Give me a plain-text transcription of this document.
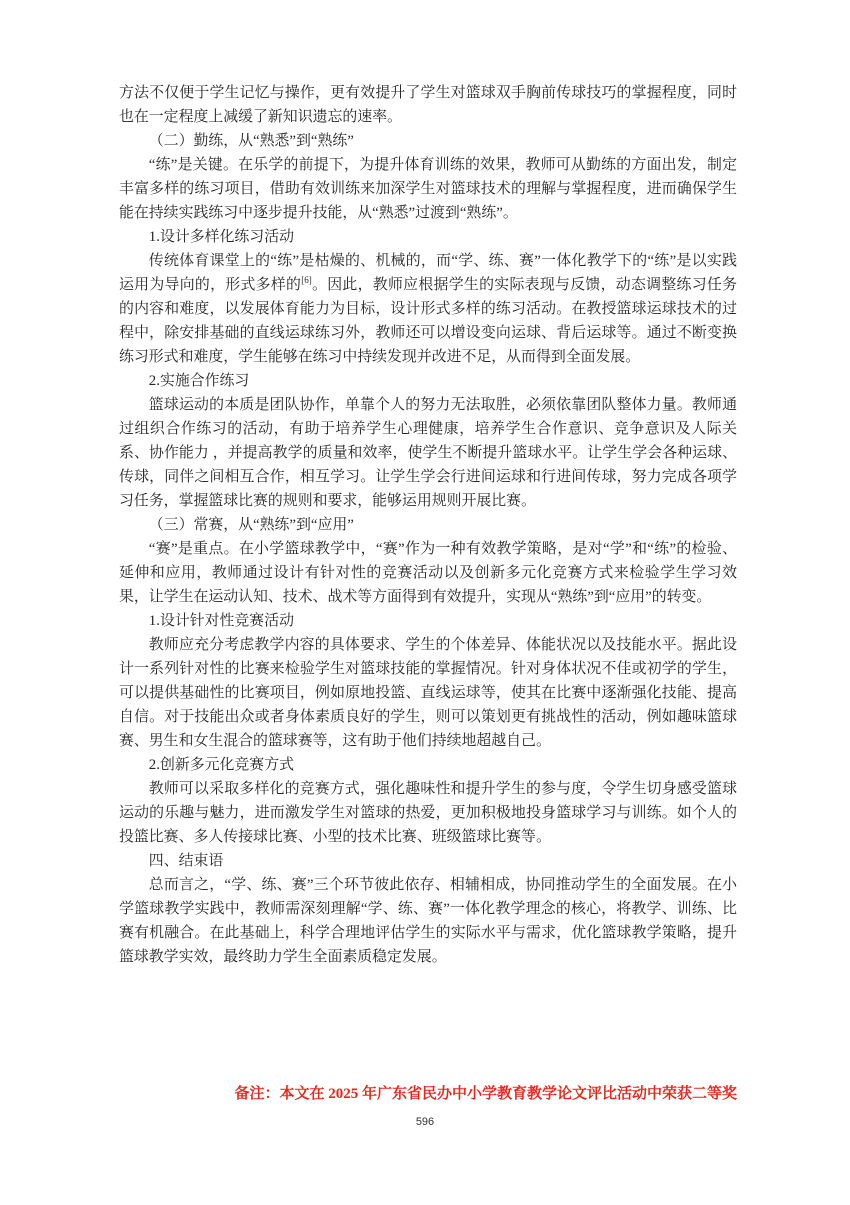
方法不仅便于学生记忆与操作，更有效提升了学生对篮球双手胸前传球技巧的掌握程度，同时也在一定程度上减缓了新知识遗忘的速率。

（二）勤练，从“熟悉”到“熟练”

“练”是关键。在乐学的前提下，为提升体育训练的效果，教师可从勤练的方面出发，制定丰富多样的练习项目，借助有效训练来加深学生对篮球技术的理解与掌握程度，进而确保学生能在持续实践练习中逐步提升技能，从“熟悉”过渡到“熟练”。

1.设计多样化练习活动

传统体育课堂上的“练”是枯燥的、机械的，而“学、练、赛”一体化教学下的“练”是以实践运用为导向的，形式多样的[6]。因此，教师应根据学生的实际表现与反馈，动态调整练习任务的内容和难度，以发展体育能力为目标，设计形式多样的练习活动。在教授篮球运球技术的过程中，除安排基础的直线运球练习外，教师还可以增设变向运球、背后运球等。通过不断变换练习形式和难度，学生能够在练习中持续发现并改进不足，从而得到全面发展。

2.实施合作练习

篮球运动的本质是团队协作，单靠个人的努力无法取胜，必须依靠团队整体力量。教师通过组织合作练习的活动，有助于培养学生心理健康，培养学生合作意识、竞争意识及人际关系、协作能力 ，并提高教学的质量和效率，使学生不断提升篮球水平。让学生学会各种运球、传球，同伴之间相互合作，相互学习。让学生学会行进间运球和行进间传球，努力完成各项学习任务，掌握篮球比赛的规则和要求，能够运用规则开展比赛。

（三）常赛，从“熟练”到“应用”

“赛”是重点。在小学篮球教学中，“赛”作为一种有效教学策略，是对“学”和“练”的检验、延伸和应用，教师通过设计有针对性的竞赛活动以及创新多元化竞赛方式来检验学生学习效果，让学生在运动认知、技术、战术等方面得到有效提升，实现从“熟练”到“应用”的转变。

1.设计针对性竞赛活动

教师应充分考虑教学内容的具体要求、学生的个体差异、体能状况以及技能水平。据此设计一系列针对性的比赛来检验学生对篮球技能的掌握情况。针对身体状况不佳或初学的学生，可以提供基础性的比赛项目，例如原地投篮、直线运球等，使其在比赛中逐渐强化技能、提高自信。对于技能出众或者身体素质良好的学生，则可以策划更有挑战性的活动，例如趣味篮球赛、男生和女生混合的篮球赛等，这有助于他们持续地超越自己。

2.创新多元化竞赛方式

教师可以采取多样化的竞赛方式，强化趣味性和提升学生的参与度，令学生切身感受篮球运动的乐趣与魅力，进而激发学生对篮球的热爱，更加积极地投身篮球学习与训练。如个人的投篮比赛、多人传接球比赛、小型的技术比赛、班级篮球比赛等。

四、结束语

总而言之，“学、练、赛”三个环节彼此依存、相辅相成，协同推动学生的全面发展。在小学篮球教学实践中，教师需深刻理解“学、练、赛”一体化教学理念的核心，将教学、训练、比赛有机融合。在此基础上，科学合理地评估学生的实际水平与需求，优化篮球教学策略，提升篮球教学实效，最终助力学生全面素质稳定发展。

备注：本文在 2025 年广东省民办中小学教育教学论文评比活动中荣获二等奖
596
